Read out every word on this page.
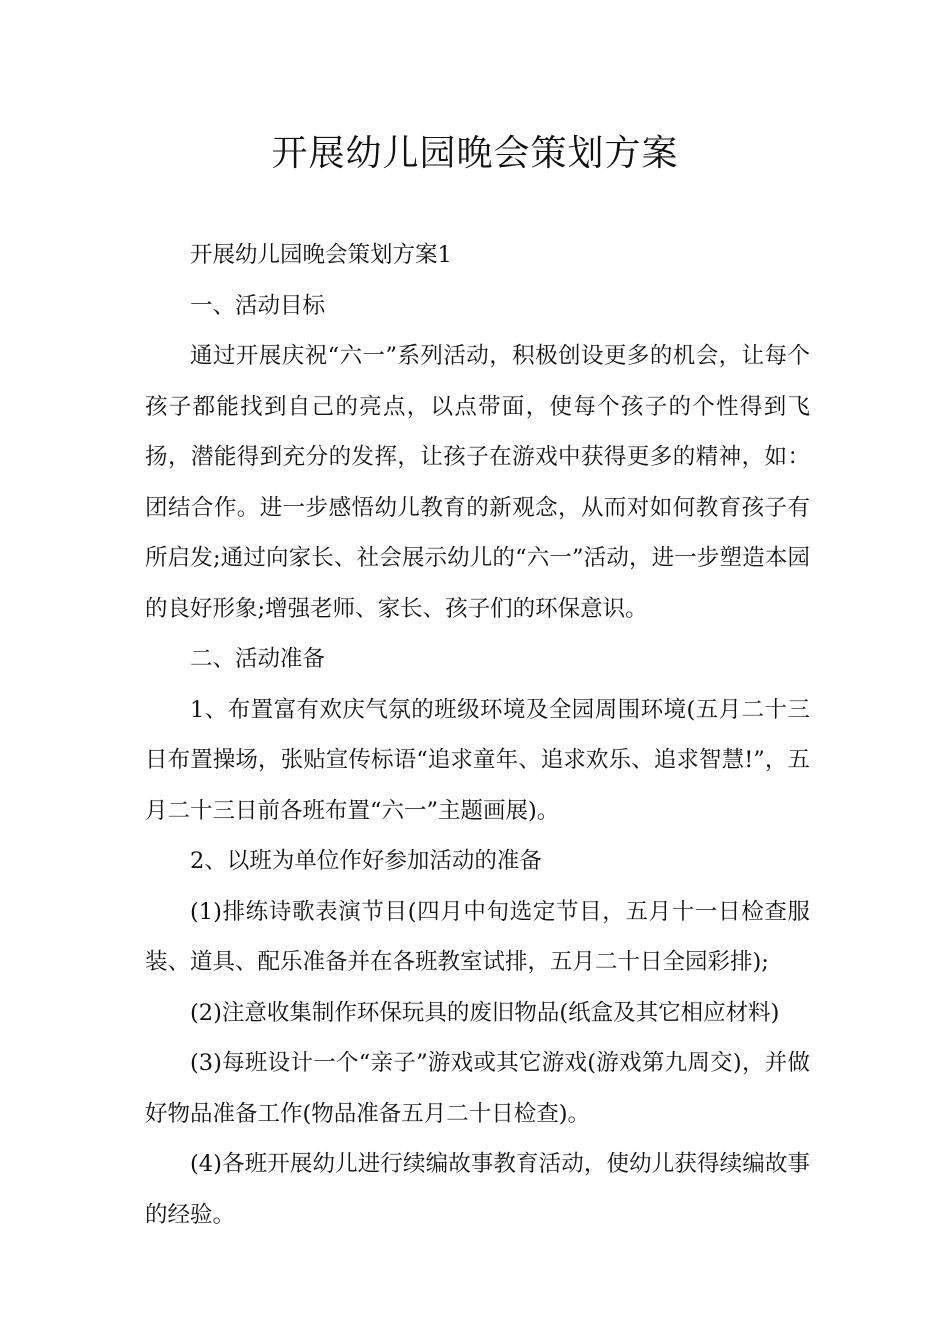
开展幼儿园晚会策划方案

开展幼儿园晚会策划方案1

一、活动目标

通过开展庆祝“六一”系列活动，积极创设更多的机会，让每个孩子都能找到自己的亮点，以点带面，使每个孩子的个性得到飞扬，潜能得到充分的发挥，让孩子在游戏中获得更多的精神，如：团结合作。进一步感悟幼儿教育的新观念，从而对如何教育孩子有所启发;通过向家长、社会展示幼儿的“六一”活动，进一步塑造本园的良好形象;增强老师、家长、孩子们的环保意识。

二、活动准备

1、布置富有欢庆气氛的班级环境及全园周围环境(五月二十三日布置操场，张贴宣传标语“追求童年、追求欢乐、追求智慧!”，五月二十三日前各班布置“六一”主题画展)。

2、以班为单位作好参加活动的准备

(1)排练诗歌表演节目(四月中旬选定节目，五月十一日检查服装、道具、配乐准备并在各班教室试排，五月二十日全园彩排);

(2)注意收集制作环保玩具的废旧物品(纸盒及其它相应材料)

(3)每班设计一个“亲子”游戏或其它游戏(游戏第九周交)，并做好物品准备工作(物品准备五月二十日检查)。

(4)各班开展幼儿进行续编故事教育活动，使幼儿获得续编故事的经验。
